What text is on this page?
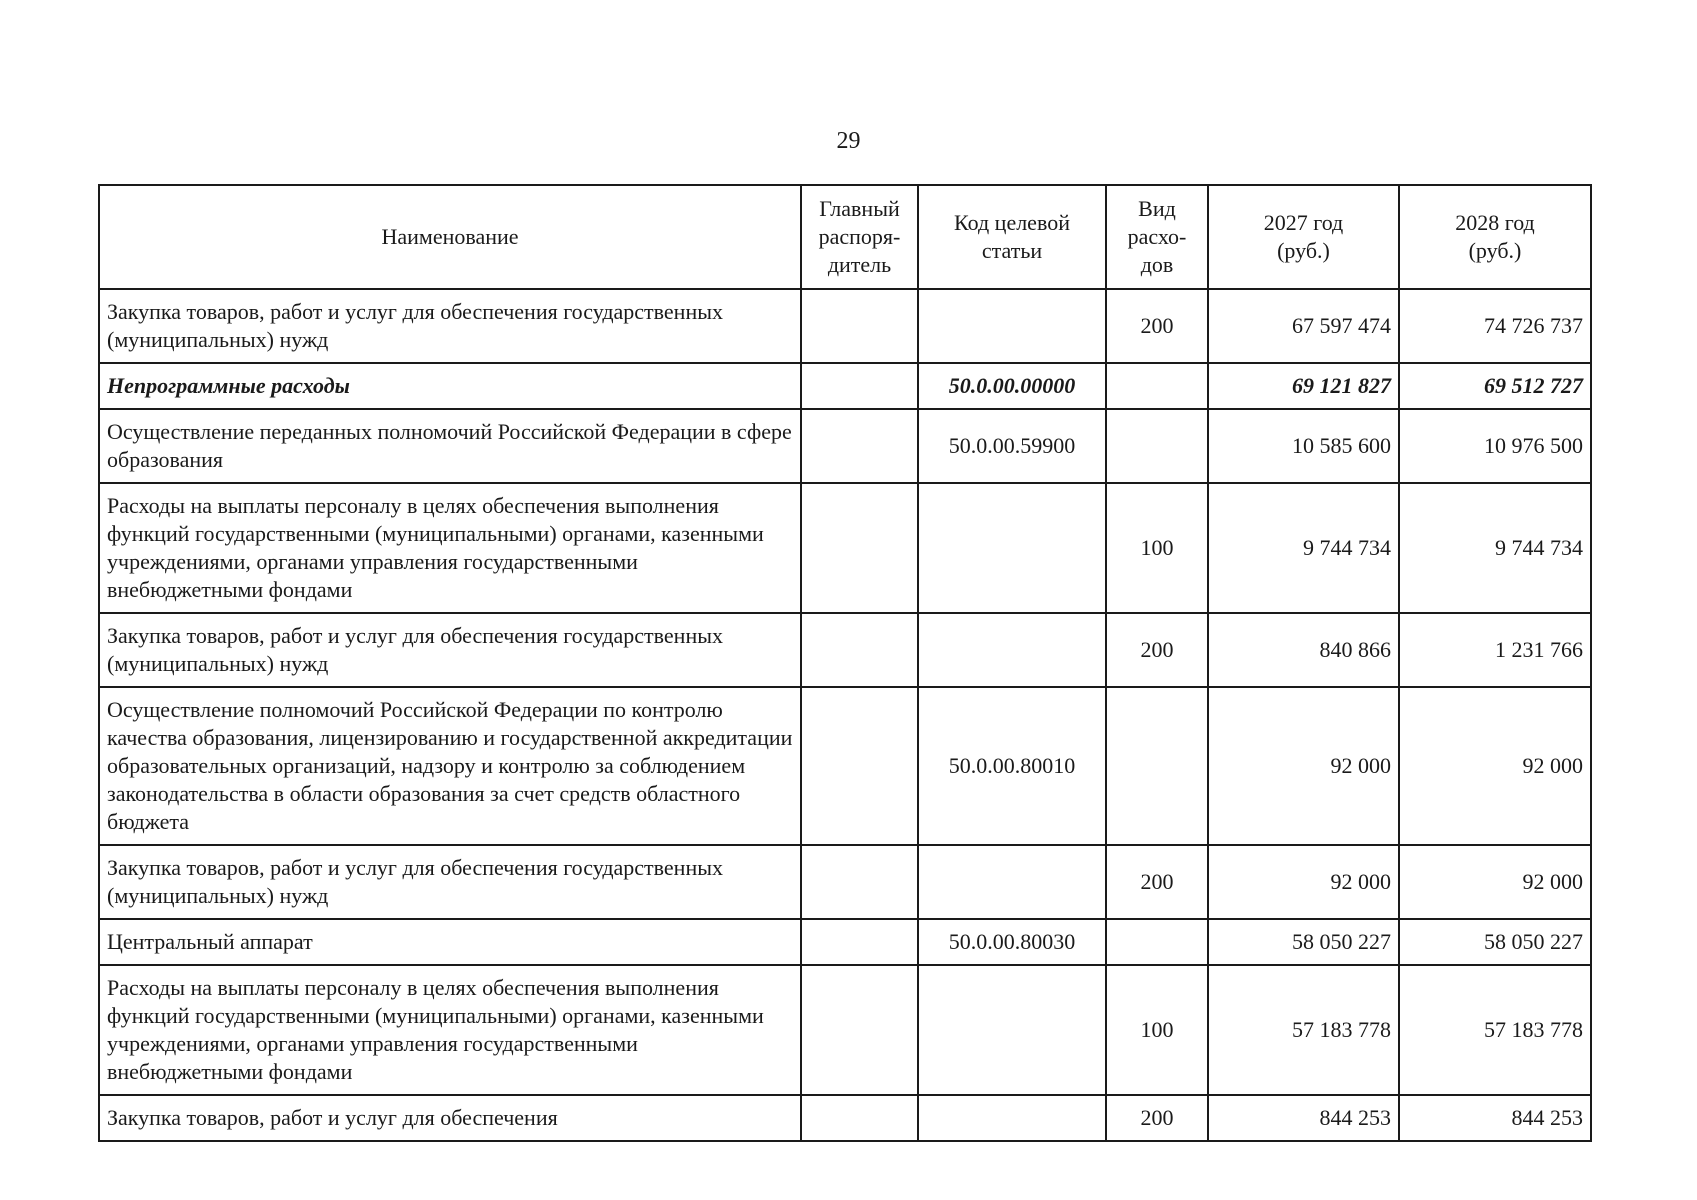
29
Наименование	Главный распоря-дитель	Код целевой статьи	Вид расхо-дов	2027 год (руб.)	2028 год (руб.)

Закупка товаров, работ и услуг для обеспечения государственных (муниципальных) нужд			200	67 597 474	74 726 737
Непрограммные расходы		50.0.00.00000		69 121 827	69 512 727
Осуществление переданных полномочий Российской Федерации в сфере образования		50.0.00.59900		10 585 600	10 976 500
Расходы на выплаты персоналу в целях обеспечения выполнения функций государственными (муниципальными) органами, казенными учреждениями, органами управления государственными внебюджетными фондами			100	9 744 734	9 744 734
Закупка товаров, работ и услуг для обеспечения государственных (муниципальных) нужд			200	840 866	1 231 766
Осуществление полномочий Российской Федерации по контролю качества образования, лицензированию и государственной аккредитации образовательных организаций, надзору и контролю за соблюдением законодательства в области образования за счет средств областного бюджета		50.0.00.80010		92 000	92 000
Закупка товаров, работ и услуг для обеспечения государственных (муниципальных) нужд			200	92 000	92 000
Центральный аппарат		50.0.00.80030		58 050 227	58 050 227
Расходы на выплаты персоналу в целях обеспечения выполнения функций государственными (муниципальными) органами, казенными учреждениями, органами управления государственными внебюджетными фондами			100	57 183 778	57 183 778
Закупка товаров, работ и услуг для обеспечения			200	844 253	844 253
